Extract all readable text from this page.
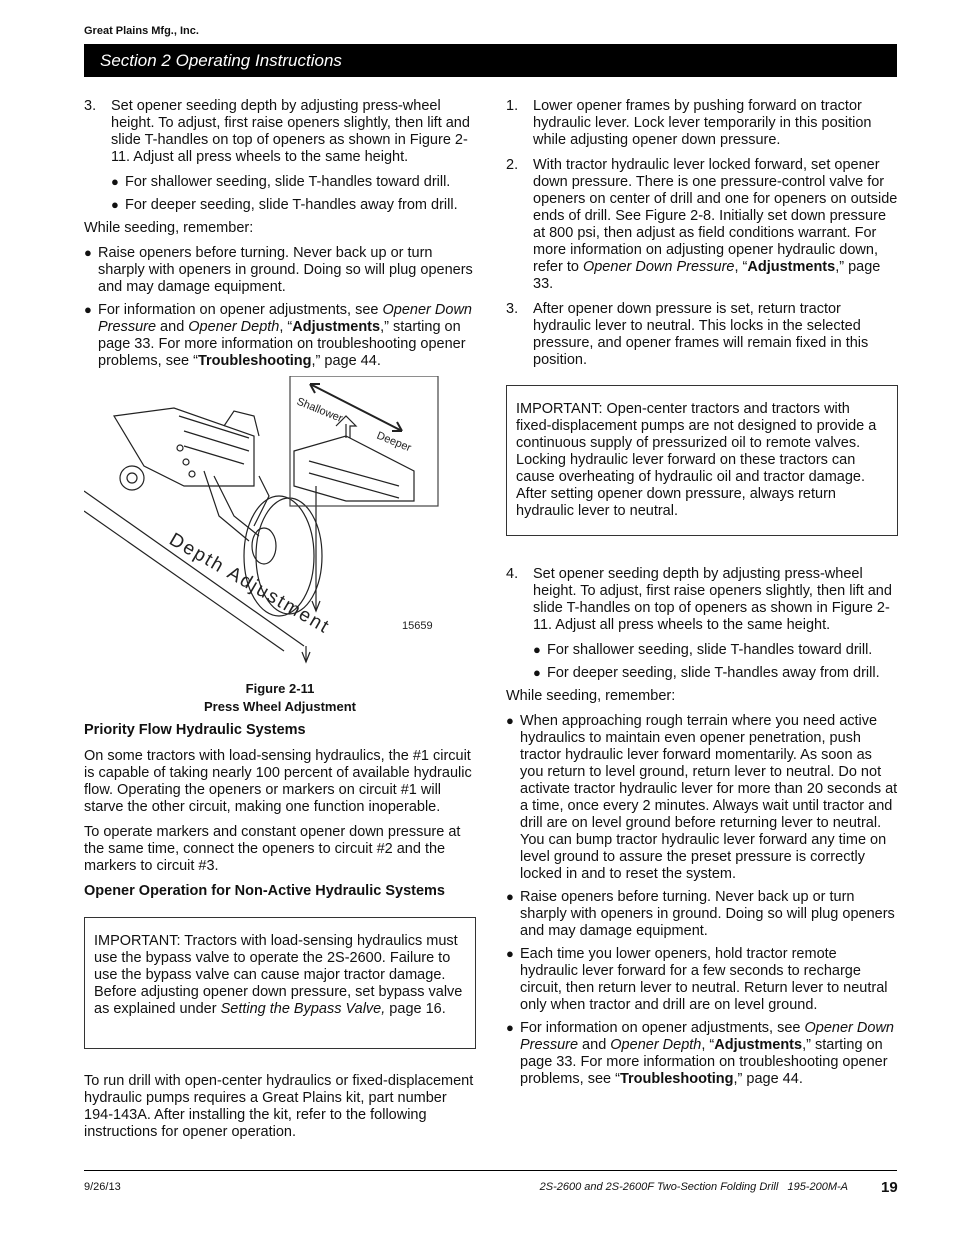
Great Plains Mfg., Inc.
Section 2 Operating Instructions
3. Set opener seeding depth by adjusting press-wheel height. To adjust, first raise openers slightly, then lift and slide T-handles on top of openers as shown in Figure 2-11. Adjust all press wheels to the same height.
● For shallower seeding, slide T-handles toward drill.
● For deeper seeding, slide T-handles away from drill.

While seeding, remember:

● Raise openers before turning. Never back up or turn sharply with openers in ground. Doing so will plug openers and may damage equipment.
● For information on opener adjustments, see Opener Down Pressure and Opener Depth, “Adjustments,” starting on page 33. For more information on troubleshooting opener problems, see “Troubleshooting,” page 44.
Shallower
Deeper
Depth Adjustment	15659
Figure 2-11
Press Wheel Adjustment
Priority Flow Hydraulic Systems

On some tractors with load-sensing hydraulics, the #1 circuit is capable of taking nearly 100 percent of available hydraulic flow. Operating the openers or markers on circuit #1 will starve the other circuit, making one function inoperable.

To operate markers and constant opener down pressure at the same time, connect the openers to circuit #2 and the markers to circuit #3.

Opener Operation for Non-Active Hydraulic Systems
IMPORTANT: Tractors with load-sensing hydraulics must use the bypass valve to operate the 2S-2600. Failure to use the bypass valve can cause major tractor damage. Before adjusting opener down pressure, set bypass valve as explained under Setting the Bypass Valve, page 16.

To run drill with open-center hydraulics or fixed-displacement hydraulic pumps requires a Great Plains kit, part number 194-143A. After installing the kit, refer to the following instructions for opener operation.

1. Lower opener frames by pushing forward on tractor hydraulic lever. Lock lever temporarily in this position while adjusting opener down pressure.
2. With tractor hydraulic lever locked forward, set opener down pressure. There is one pressure-control valve for openers on center of drill and one for openers on outside ends of drill. See Figure 2-8. Initially set down pressure at 800 psi, then adjust as field conditions warrant. For more information on adjusting opener hydraulic down, refer to Opener Down Pressure, “Adjustments,” page 33.
3. After opener down pressure is set, return tractor hydraulic lever to neutral. This locks in the selected pressure, and opener frames will remain fixed in this position.
IMPORTANT: Open-center tractors and tractors with fixed-displacement pumps are not designed to provide a continuous supply of pressurized oil to remote valves. Locking hydraulic lever forward on these tractors can cause overheating of hydraulic oil and tractor damage. After setting opener down pressure, always return hydraulic lever to neutral.
4. Set opener seeding depth by adjusting press-wheel height. To adjust, first raise openers slightly, then lift and slide T-handles on top of openers as shown in Figure 2-11. Adjust all press wheels to the same height.
● For shallower seeding, slide T-handles toward drill.
● For deeper seeding, slide T-handles away from drill.

While seeding, remember:

● When approaching rough terrain where you need active hydraulics to maintain even opener penetration, push tractor hydraulic lever forward momentarily. As soon as you return to level ground, return lever to neutral. Do not activate tractor hydraulic lever for more than 20 seconds at a time, once every 2 minutes. Always wait until tractor and drill are on level ground before returning lever to neutral. You can bump tractor hydraulic lever forward any time on level ground to assure the preset pressure is correctly locked in and to reset the system.
● Raise openers before turning. Never back up or turn sharply with openers in ground. Doing so will plug openers and may damage equipment.
● Each time you lower openers, hold tractor remote hydraulic lever forward for a few seconds to recharge circuit, then return lever to neutral. Return lever to neutral only when tractor and drill are on level ground.
● For information on opener adjustments, see Opener Down Pressure and Opener Depth, “Adjustments,” starting on page 33. For more information on troubleshooting opener problems, see “Troubleshooting,” page 44.
9/26/13	2S-2600 and 2S-2600F Two-Section Folding Drill   195-200M-A 19
